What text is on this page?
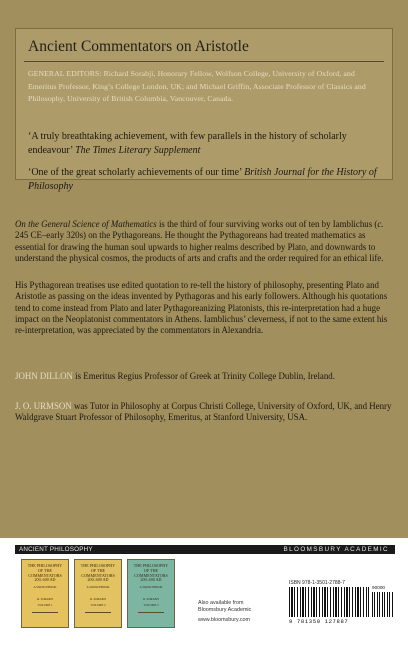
Ancient Commentators on Aristotle
GENERAL EDITORS: Richard Sorabji, Honorary Fellow, Wolfson College, University of Oxford, and Emeritus Professor, King’s College London, UK; and Michael Griffin, Associate Professor of Classics and Philosophy, University of British Columbia, Vancouver, Canada.
‘A truly breathtaking achievement, with few parallels in the history of scholarly endeavour’ The Times Literary Supplement
‘One of the great scholarly achievements of our time’ British Journal for the History of Philosophy
On the General Science of Mathematics is the third of four surviving works out of ten by Iamblichus (c. 245 CE–early 320s) on the Pythagoreans. He thought the Pythagoreans had treated mathematics as essential for drawing the human soul upwards to higher realms described by Plato, and downwards to understand the physical cosmos, the products of arts and crafts and the order required for an ethical life.
His Pythagorean treatises use edited quotation to re-tell the history of philosophy, presenting Plato and Aristotle as passing on the ideas invented by Pythagoras and his early followers. Although his quotations tend to come instead from Plato and later Pythagoreanizing Platonists, this re-interpretation had a huge impact on the Neoplatonist commentators in Athens. Iamblichus’ cleverness, if not to the same extent his re-interpretation, was appreciated by the commentators in Alexandria.
JOHN DILLON is Emeritus Regius Professor of Greek at Trinity College Dublin, Ireland.
J. O. URMSON was Tutor in Philosophy at Corpus Christi College, University of Oxford, UK, and Henry Waldgrave Stuart Professor of Philosophy, Emeritus, at Stanford University, USA.
ANCIENT PHILOSOPHY	BLOOMSBURY ACADEMIC
THE PHILOSOPHY OF THE COMMENTATORS 200–600 AD
A SOURCEBOOK
R. SORABJI
VOLUME 1
THE PHILOSOPHY OF THE COMMENTATORS 200–600 AD
A SOURCEBOOK
R. SORABJI
VOLUME 2
THE PHILOSOPHY OF THE COMMENTATORS 200–600 AD
A SOURCEBOOK
R. SORABJI
VOLUME 3	Also available from
Bloomsbury Academic
www.bloomsbury.com
ISBN 978-1-3501-2788-7
90000
9 781350 127887
